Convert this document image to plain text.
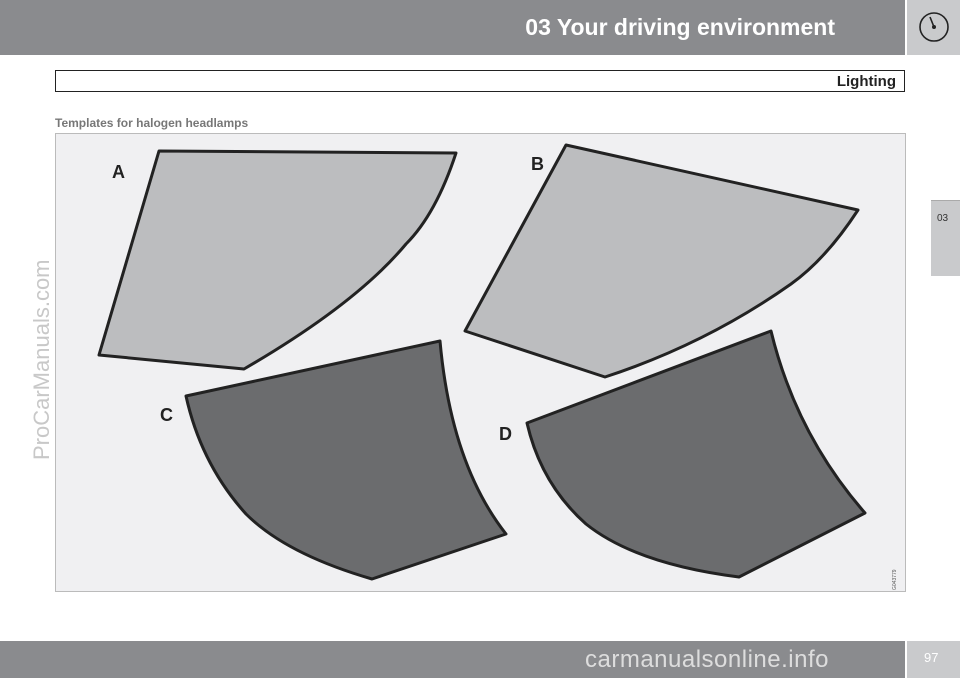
03 Your driving environment
Lighting
03
Templates for halogen headlamps
A	B
C
D
G043779
ProCarManuals.com
97
carmanualsonline.info
